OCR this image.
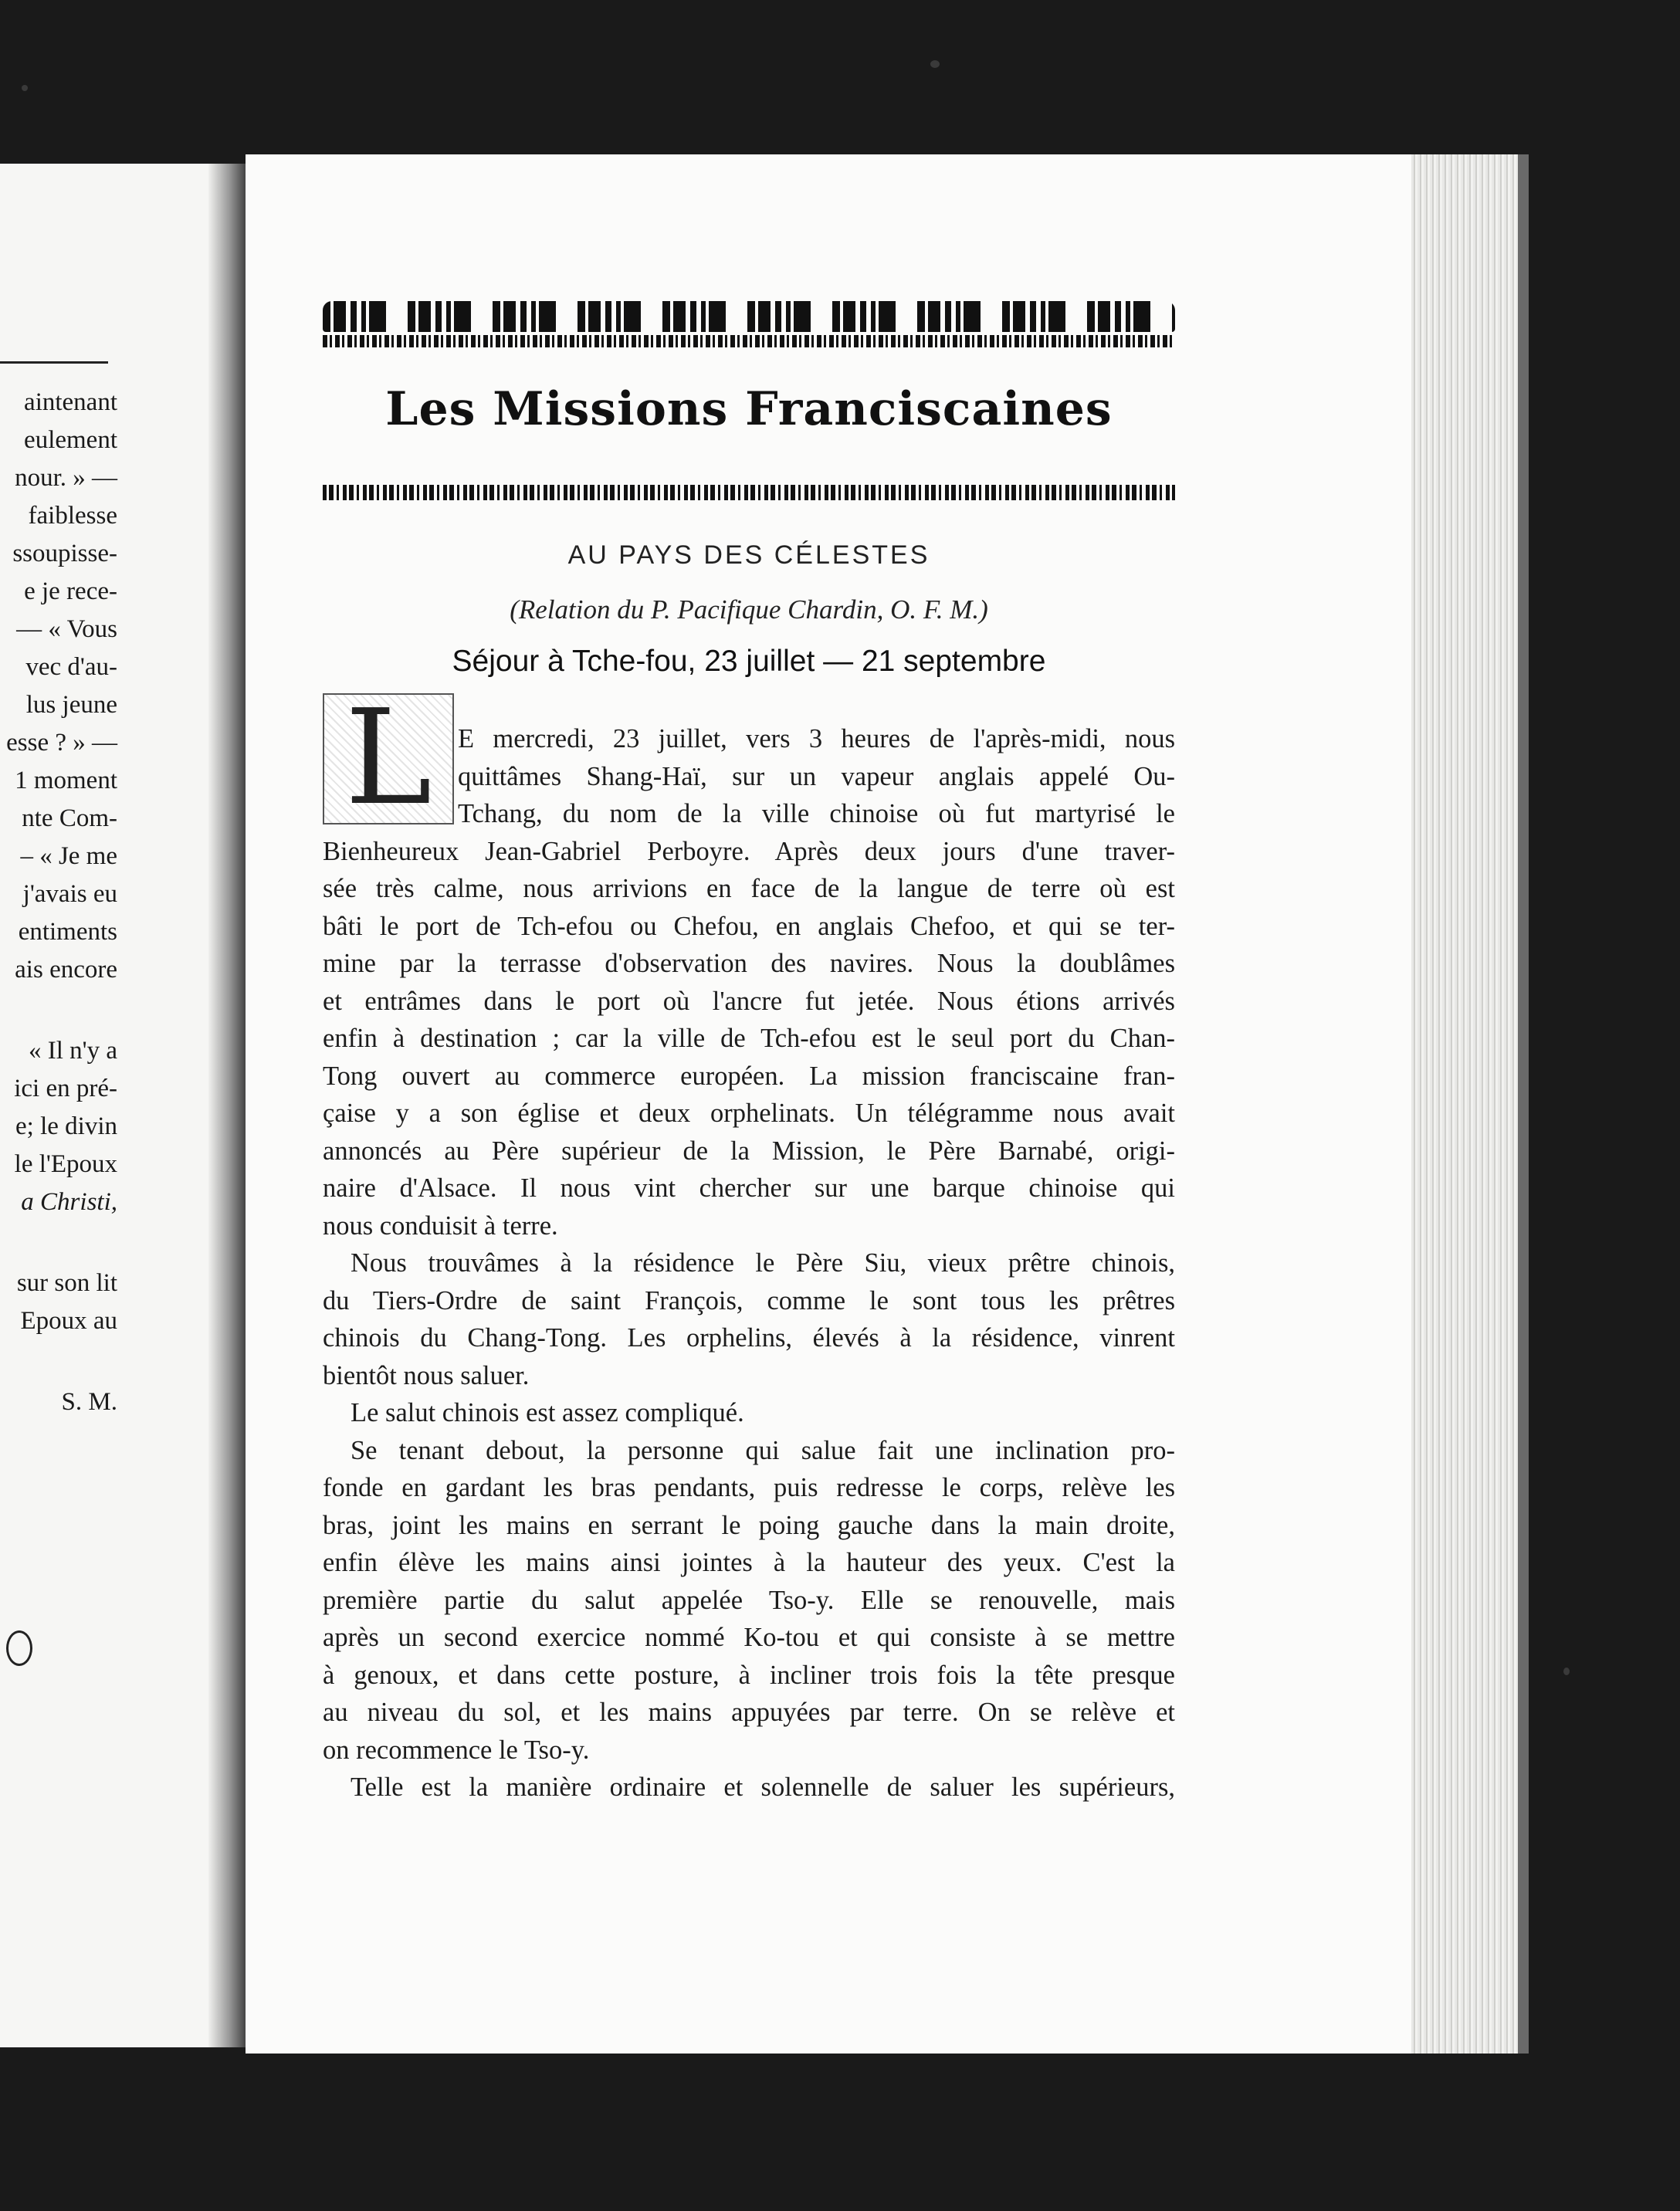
aintenant
eulement
nour. » —
faiblesse
ssoupisse-
e je rece-
— « Vous
vec d'au-
lus jeune
esse ? » —
1 moment
nte Com-
– « Je me
j'avais eu
entiments
ais encore
« Il n'y a
ici en pré-
e; le divin
le l'Epoux
a Christi,
sur son lit
Epoux au
S. M.
Les Missions Franciscaines
AU PAYS DES CÉLESTES
(Relation du P. Pacifique Chardin, O. F. M.)
Séjour à Tche-fou, 23 juillet — 21 septembre
L E mercredi, 23 juillet, vers 3 heures de l'après-midi, nous
quittâmes Shang-Haï, sur un vapeur anglais appelé Ou-
Tchang, du nom de la ville chinoise où fut martyrisé le
Bienheureux Jean-Gabriel Perboyre. Après deux jours d'une traver-
sée très calme, nous arrivions en face de la langue de terre où est
bâti le port de Tch-efou ou Chefou, en anglais Chefoo, et qui se ter-
mine par la terrasse d'observation des navires. Nous la doublâmes
et entrâmes dans le port où l'ancre fut jetée. Nous étions arrivés
enfin à destination ; car la ville de Tch-efou est le seul port du Chan-
Tong ouvert au commerce européen. La mission franciscaine fran-
çaise y a son église et deux orphelinats. Un télégramme nous avait
annoncés au Père supérieur de la Mission, le Père Barnabé, origi-
naire d'Alsace. Il nous vint chercher sur une barque chinoise qui
nous conduisit à terre.
Nous trouvâmes à la résidence le Père Siu, vieux prêtre chinois,
du Tiers-Ordre de saint François, comme le sont tous les prêtres
chinois du Chang-Tong. Les orphelins, élevés à la résidence, vinrent
bientôt nous saluer.
Le salut chinois est assez compliqué.
Se tenant debout, la personne qui salue fait une inclination pro-
fonde en gardant les bras pendants, puis redresse le corps, relève les
bras, joint les mains en serrant le poing gauche dans la main droite,
enfin élève les mains ainsi jointes à la hauteur des yeux. C'est la
première partie du salut appelée Tso-y. Elle se renouvelle, mais
après un second exercice nommé Ko-tou et qui consiste à se mettre
à genoux, et dans cette posture, à incliner trois fois la tête presque
au niveau du sol, et les mains appuyées par terre. On se relève et
on recommence le Tso-y.
Telle est la manière ordinaire et solennelle de saluer les supérieurs,
